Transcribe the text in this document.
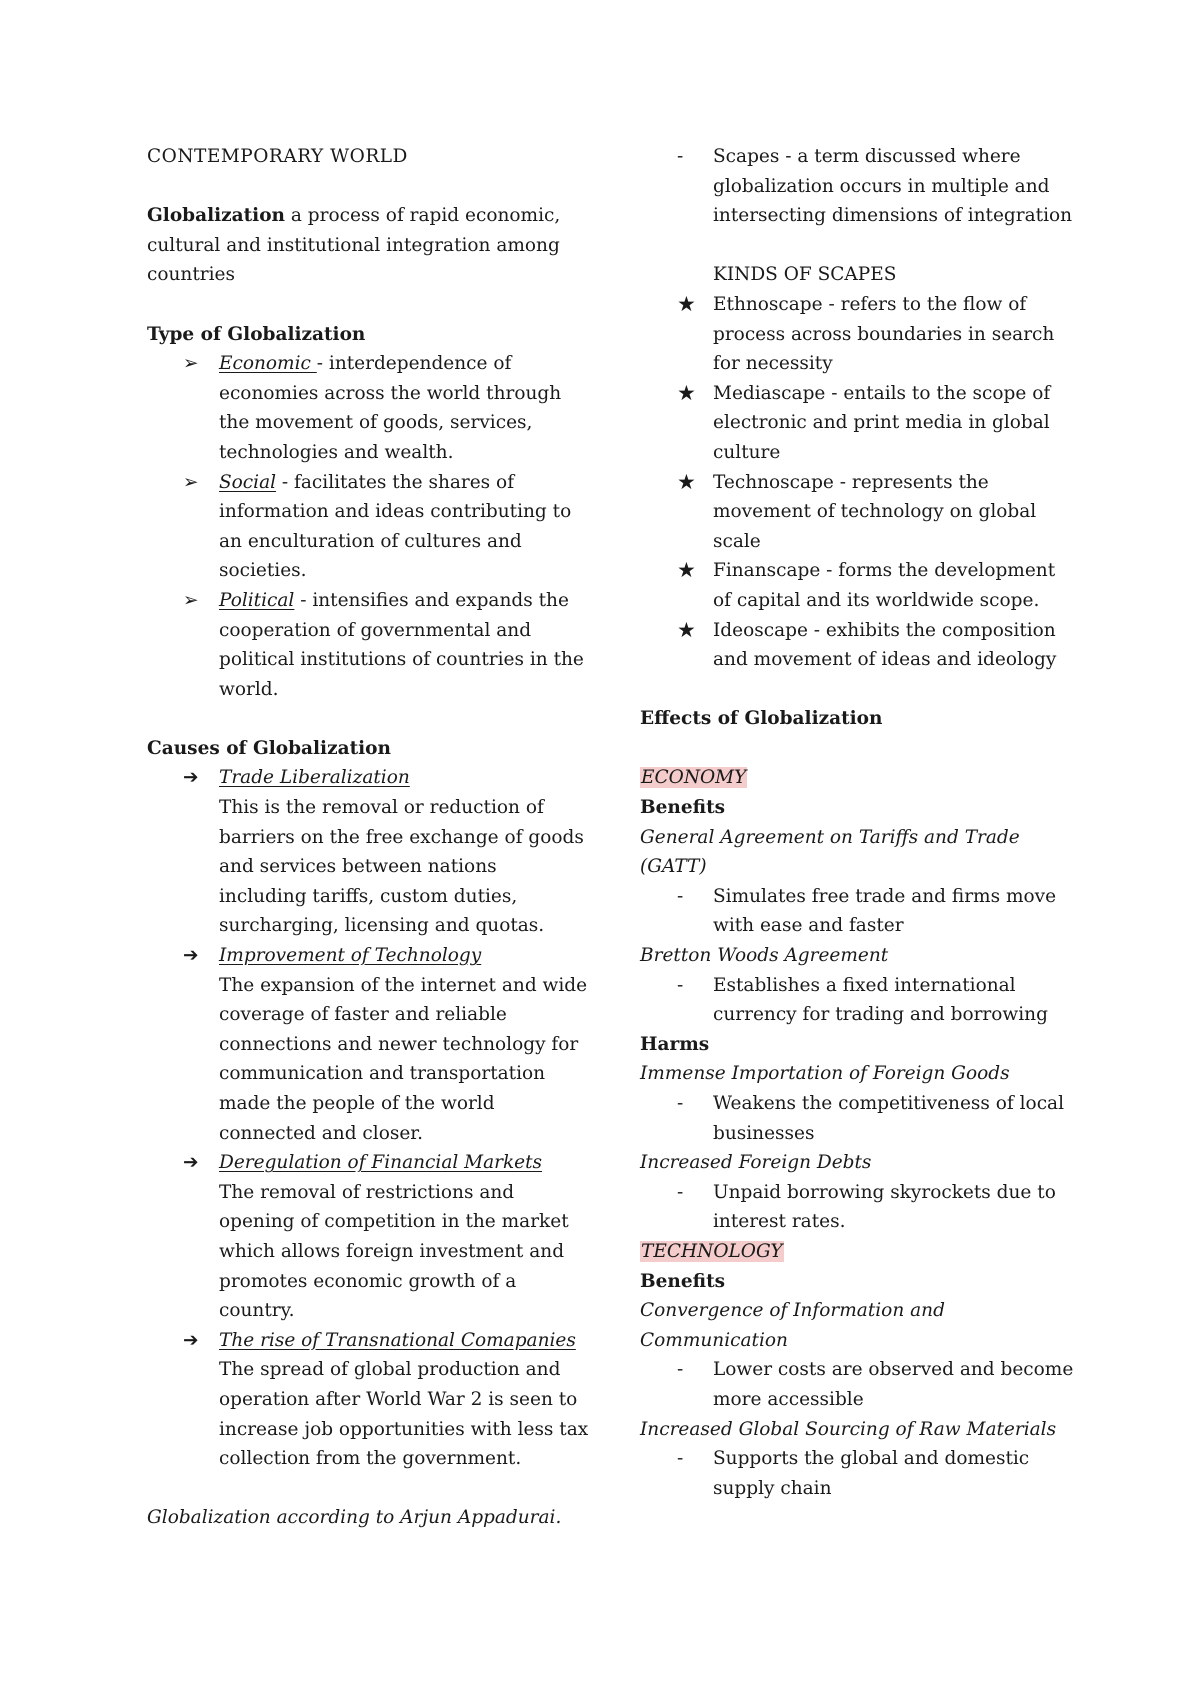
CONTEMPORARY WORLD
Globalization a process of rapid economic,
cultural and institutional integration among
countries
Type of Globalization
➢ Economic - interdependence of
economies across the world through
the movement of goods, services,
technologies and wealth.
➢ Social - facilitates the shares of
information and ideas contributing to
an enculturation of cultures and
societies.
➢ Political - intensifies and expands the
cooperation of governmental and
political institutions of countries in the
world.
Causes of Globalization
➔ Trade Liberalization
This is the removal or reduction of
barriers on the free exchange of goods
and services between nations
including tariffs, custom duties,
surcharging, licensing and quotas.
➔ Improvement of Technology
The expansion of the internet and wide
coverage of faster and reliable
connections and newer technology for
communication and transportation
made the people of the world
connected and closer.
➔ Deregulation of Financial Markets
The removal of restrictions and
opening of competition in the market
which allows foreign investment and
promotes economic growth of a
country.
➔ The rise of Transnational Comapanies
The spread of global production and
operation after World War 2 is seen to
increase job opportunities with less tax
collection from the government.
Globalization according to Arjun Appadurai.
- Scapes - a term discussed where
globalization occurs in multiple and
intersecting dimensions of integration
KINDS OF SCAPES
★ Ethnoscape - refers to the flow of
process across boundaries in search
for necessity
★ Mediascape - entails to the scope of
electronic and print media in global
culture
★ Technoscape - represents the
movement of technology on global
scale
★ Finanscape - forms the development
of capital and its worldwide scope.
★ Ideoscape - exhibits the composition
and movement of ideas and ideology
Effects of Globalization
ECONOMY
Benefits
General Agreement on Tariffs and Trade
(GATT)
- Simulates free trade and firms move
with ease and faster
Bretton Woods Agreement
- Establishes a fixed international
currency for trading and borrowing
Harms
Immense Importation of Foreign Goods
- Weakens the competitiveness of local
businesses
Increased Foreign Debts
- Unpaid borrowing skyrockets due to
interest rates.
TECHNOLOGY
Benefits
Convergence of Information and
Communication
- Lower costs are observed and become
more accessible
Increased Global Sourcing of Raw Materials
- Supports the global and domestic
supply chain
